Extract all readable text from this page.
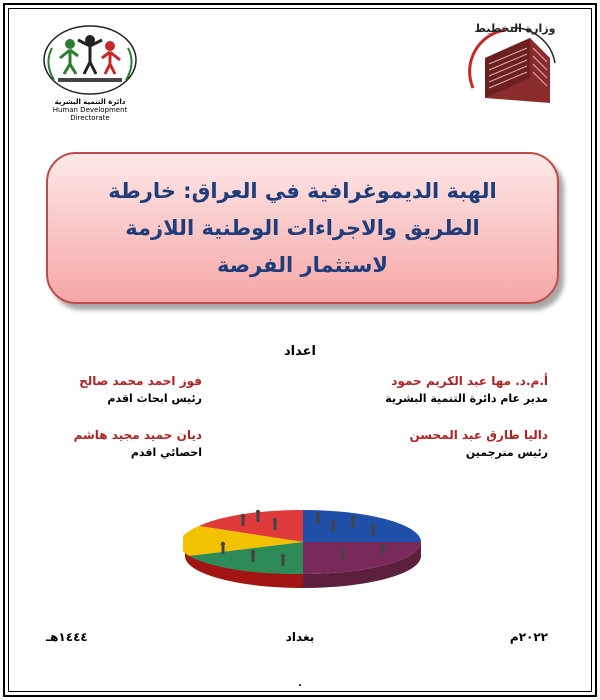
دائرة التنمية البشرية
Human Development
Directorate
وزارة التخطيط
الهبة الديموغرافية في العراق: خارطة
الطريق والاجراءات الوطنية اللازمة
لاستثمار الفرصة
اعداد
أ.م.د. مها عبد الكريم حمود
مدير عام دائرة التنمية البشرية
فوز احمد محمد صالح
رئيس ابحاث اقدم
داليا طارق عبد المحسن
رئيس مترجمين
ديان حميد مجيد هاشم
احصائي اقدم
٢٠٢٢م
بغداد
١٤٤٤هـ
٠
